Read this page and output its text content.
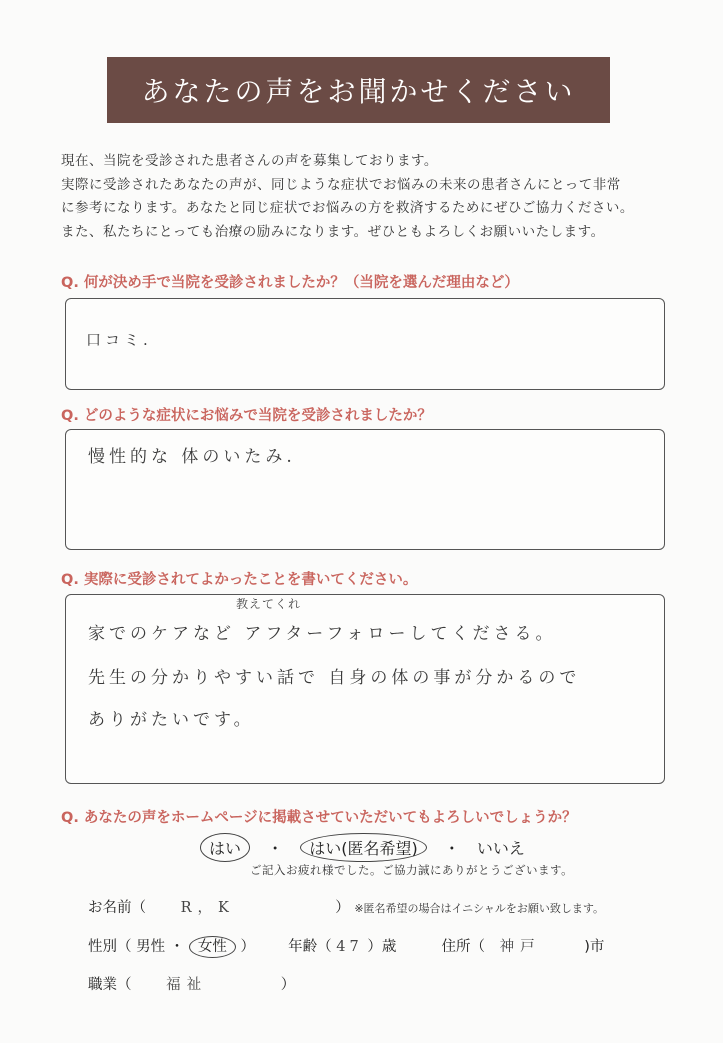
あなたの声をお聞かせください
現在、当院を受診された患者さんの声を募集しております。
実際に受診されたあなたの声が、同じような症状でお悩みの未来の患者さんにとって非常
に参考になります。あなたと同じ症状でお悩みの方を救済するためにぜひご協力ください。
また、私たちにとっても治療の励みになります。ぜひともよろしくお願いいたします。
Q. 何が決め手で当院を受診されましたか？（当院を選んだ理由など）
口コミ.
Q. どのような症状にお悩みで当院を受診されましたか？
慢性的な 体のいたみ.
Q. 実際に受診されてよかったことを書いてください。
教えてくれ
家でのケアなど アフターフォローしてくださる。
先生の分かりやすい話で 自身の体の事が分かるので
ありがたいです。
Q. あなたの声をホームページに掲載させていただいてもよろしいでしょうか？
はい ・ はい(匿名希望) ・ いいえ
ご記入お疲れ様でした。ご協力誠にありがとうございます。
お名前（ R，K	） ※匿名希望の場合はイニシャルをお願い致します。
性別（ 男性 ・ 女性 ） 年齢（ 47 ）歳	住所（ 神戸	)市
職業（ 福祉	）
